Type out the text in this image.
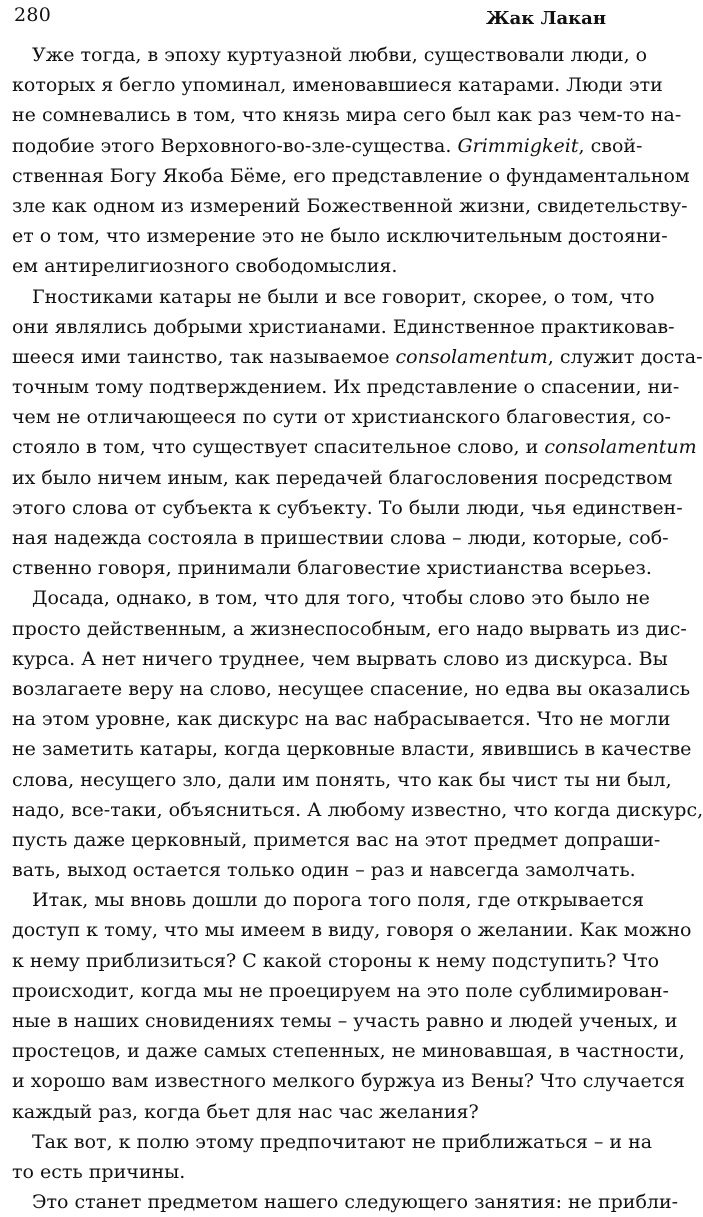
280	Жак Лакан
Уже тогда, в эпоху куртуазной любви, существовали люди, о
которых я бегло упоминал, именовавшиеся катарами. Люди эти
не сомневались в том, что князь мира сего был как раз чем-то на-
подобие этого Верховного-во-зле-существа. Grimmigkeit, свой-
ственная Богу Якоба Бёме, его представление о фундаментальном
зле как одном из измерений Божественной жизни, свидетельству-
ет о том, что измерение это не было исключительным достояни-
ем антирелигиозного свободомыслия.
Гностиками катары не были и все говорит, скорее, о том, что
они являлись добрыми христианами. Единственное практиковав-
шееся ими таинство, так называемое consolamentum, служит доста-
точным тому подтверждением. Их представление о спасении, ни-
чем не отличающееся по сути от христианского благовестия, со-
стояло в том, что существует спасительное слово, и consolamentum
их было ничем иным, как передачей благословения посредством
этого слова от субъекта к субъекту. То были люди, чья единствен-
ная надежда состояла в пришествии слова – люди, которые, соб-
ственно говоря, принимали благовестие христианства всерьез.
Досада, однако, в том, что для того, чтобы слово это было не
просто действенным, а жизнеспособным, его надо вырвать из дис-
курса. А нет ничего труднее, чем вырвать слово из дискурса. Вы
возлагаете веру на слово, несущее спасение, но едва вы оказались
на этом уровне, как дискурс на вас набрасывается. Что не могли
не заметить катары, когда церковные власти, явившись в качестве
слова, несущего зло, дали им понять, что как бы чист ты ни был,
надо, все-таки, объясниться. А любому известно, что когда дискурс,
пусть даже церковный, примется вас на этот предмет допраши-
вать, выход остается только один – раз и навсегда замолчать.
Итак, мы вновь дошли до порога того поля, где открывается
доступ к тому, что мы имеем в виду, говоря о желании. Как можно
к нему приблизиться? С какой стороны к нему подступить? Что
происходит, когда мы не проецируем на это поле сублимирован-
ные в наших сновидениях темы – участь равно и людей ученых, и
простецов, и даже самых степенных, не миновавшая, в частности,
и хорошо вам известного мелкого буржуа из Вены? Что случается
каждый раз, когда бьет для нас час желания?
Так вот, к полю этому предпочитают не приближаться – и на
то есть причины.
Это станет предметом нашего следующего занятия: не прибли-
